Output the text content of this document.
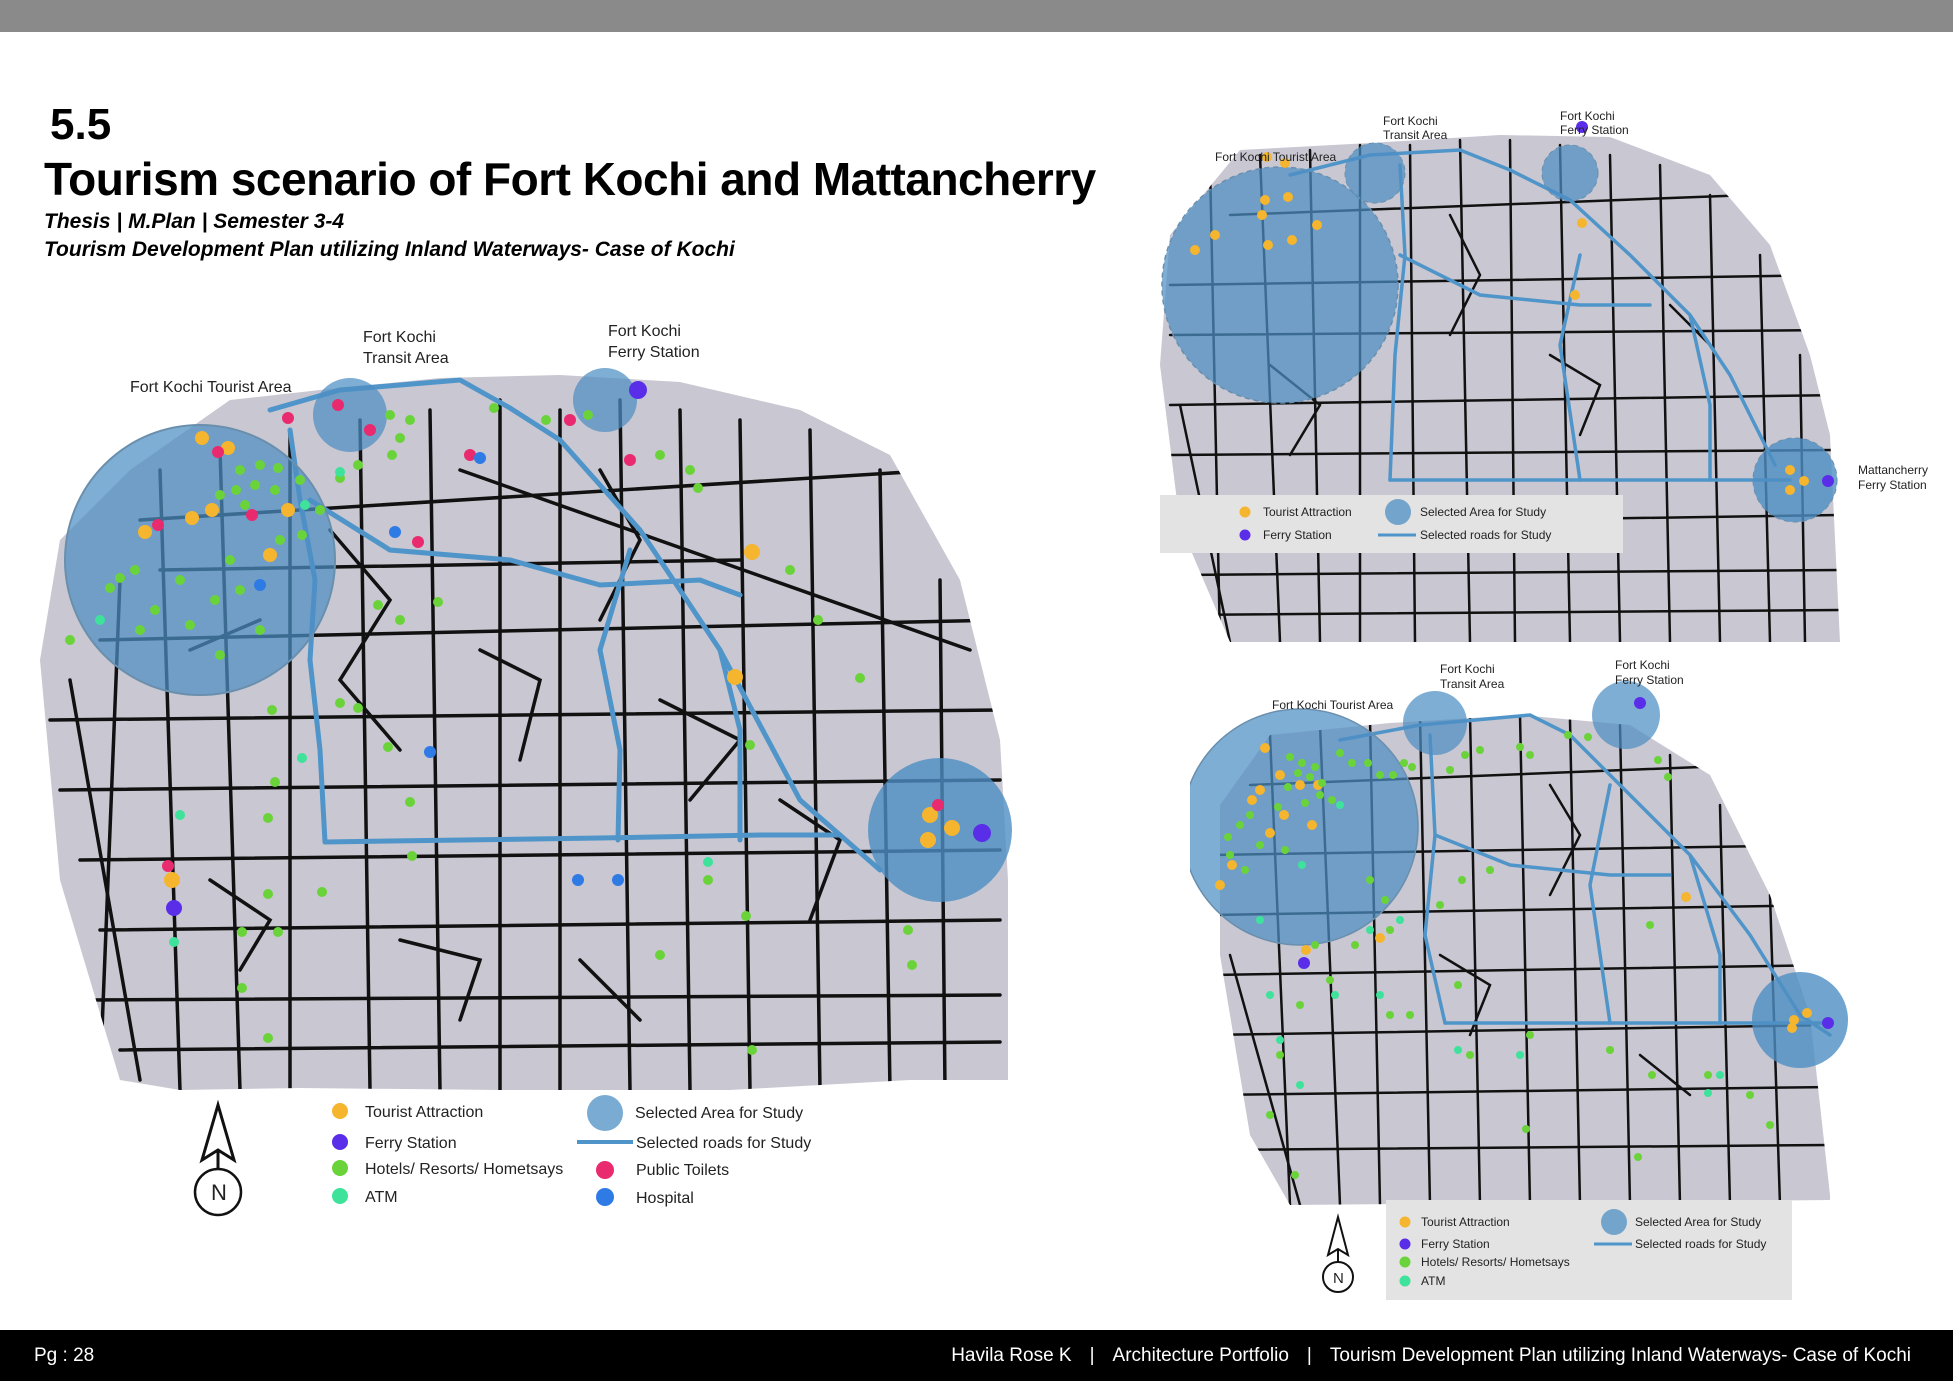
5.5
Tourism scenario of Fort Kochi and Mattancherry
Thesis | M.Plan | Semester 3-4
Tourism Development Plan utilizing Inland Waterways- Case of Kochi
Fort Kochi Tourist Area
Fort Kochi
Transit Area
Fort Kochi
Ferry Station
Tourist Attraction
Ferry Station
Hotels/ Resorts/ Hometsays
ATM
Selected Area for Study
Selected roads for Study
Public Toilets
Hospital
N
Fort Kochi Tourist Area
Fort Kochi
Transit Area
Fort Kochi
Ferry Station
Mattancherry
Ferry Station
Tourist Attraction
Ferry Station
Selected Area for Study
Selected roads for Study
Fort Kochi Tourist Area
Fort Kochi
Transit Area
Fort Kochi
Ferry Station
Tourist Attraction
Ferry Station
Hotels/ Resorts/ Hometsays
ATM
Selected Area for Study
Selected roads for Study
N
Pg : 28	Havila Rose K | Architecture Portfolio | Tourism Development Plan utilizing Inland Waterways- Case of Kochi
